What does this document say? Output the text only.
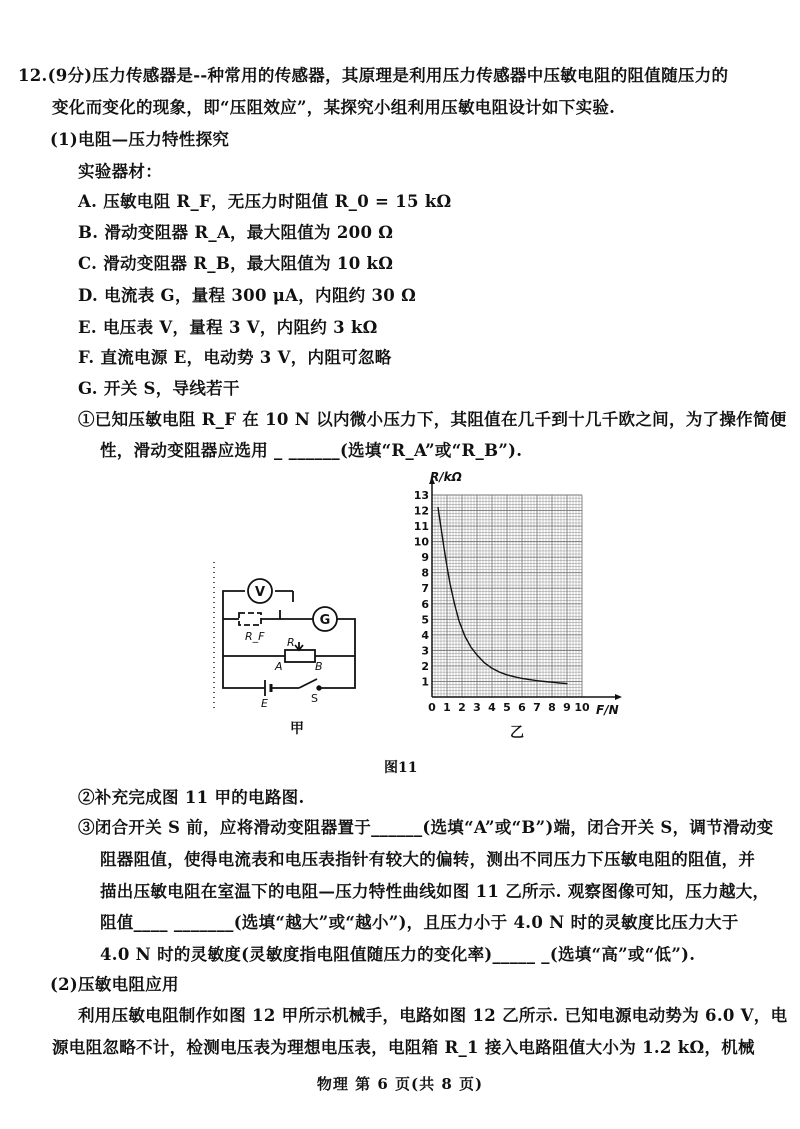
12.(9分)压力传感器是--种常用的传感器，其原理是利用压力传感器中压敏电阻的阻值随压力的
变化而变化的现象，即“压阻效应”，某探究小组利用压敏电阻设计如下实验.
(1)电阻—压力特性探究
实验器材：
A. 压敏电阻 R_F，无压力时阻值 R_0 = 15 kΩ
B. 滑动变阻器 R_A，最大阻值为 200 Ω
C. 滑动变阻器 R_B，最大阻值为 10 kΩ
D. 电流表 G，量程 300 μA，内阻约 30 Ω
E. 电压表 V，量程 3 V，内阻约 3 kΩ
F. 直流电源 E，电动势 3 V，内阻可忽略
G. 开关 S，导线若干
①已知压敏电阻 R_F 在 10 N 以内微小压力下，其阻值在几千到十几千欧之间，为了操作简便
性，滑动变阻器应选用 _ ______(选填“R_A”或“R_B”).
V
G
R_F R
A	B
E	S
甲
0 1 2 3 4 5 6 7 8 9 10
1
2
3
4
5
6
7
8
9
10
11
12
13
R/kΩ
F/N
乙
图11
②补充完成图 11 甲的电路图.
③闭合开关 S 前，应将滑动变阻器置于______(选填“A”或“B”)端，闭合开关 S，调节滑动变
阻器阻值，使得电流表和电压表指针有较大的偏转，测出不同压力下压敏电阻的阻值，并
描出压敏电阻在室温下的电阻—压力特性曲线如图 11 乙所示. 观察图像可知，压力越大，
阻值____ _______(选填“越大”或“越小”)，且压力小于 4.0 N 时的灵敏度比压力大于
4.0 N 时的灵敏度(灵敏度指电阻值随压力的变化率)_____ _(选填“高”或“低”).
(2)压敏电阻应用
利用压敏电阻制作如图 12 甲所示机械手，电路如图 12 乙所示. 已知电源电动势为 6.0 V，电
源电阻忽略不计，检测电压表为理想电压表，电阻箱 R_1 接入电路阻值大小为 1.2 kΩ，机械
物理 第 6 页(共 8 页)
